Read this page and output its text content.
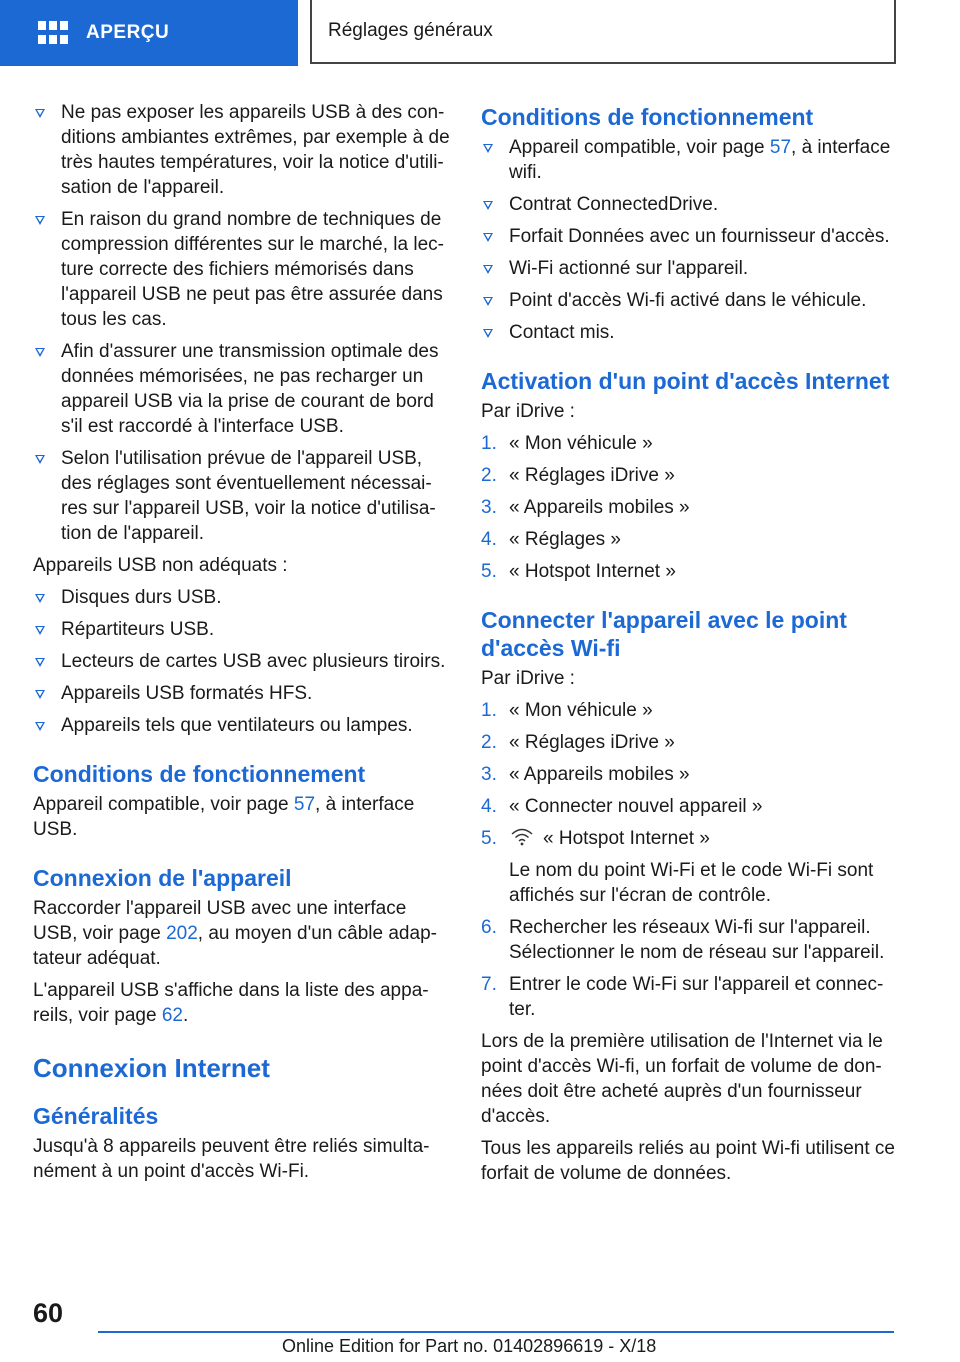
APERÇU	Réglages généraux
Ne pas exposer les appareils USB à des con‐ditions ambiantes extrêmes, par exemple à de très hautes températures, voir la notice d'utili‐sation de l'appareil.
En raison du grand nombre de techniques de compression différentes sur le marché, la lec‐ture correcte des fichiers mémorisés dans l'appareil USB ne peut pas être assurée dans tous les cas.
Afin d'assurer une transmission optimale des données mémorisées, ne pas recharger un appareil USB via la prise de courant de bord s'il est raccordé à l'interface USB.
Selon l'utilisation prévue de l'appareil USB, des réglages sont éventuellement nécessai‐res sur l'appareil USB, voir la notice d'utilisa‐tion de l'appareil.
Appareils USB non adéquats :
Disques durs USB.
Répartiteurs USB.
Lecteurs de cartes USB avec plusieurs tiroirs.
Appareils USB formatés HFS.
Appareils tels que ventilateurs ou lampes.
Conditions de fonctionnement
Appareil compatible, voir page 57, à interface USB.
Connexion de l'appareil
Raccorder l'appareil USB avec une interface USB, voir page 202, au moyen d'un câble adap‐tateur adéquat.
L'appareil USB s'affiche dans la liste des appa‐reils, voir page 62.
Connexion Internet
Généralités
Jusqu'à 8 appareils peuvent être reliés simulta‐nément à un point d'accès Wi-Fi.
Conditions de fonctionnement
Appareil compatible, voir page 57, à interface wifi.
Contrat ConnectedDrive.
Forfait Données avec un fournisseur d'accès.
Wi-Fi actionné sur l'appareil.
Point d'accès Wi-fi activé dans le véhicule.
Contact mis.
Activation d'un point d'accès Internet
Par iDrive :
1. « Mon véhicule »
2. « Réglages iDrive »
3. « Appareils mobiles »
4. « Réglages »
5. « Hotspot Internet »
Connecter l'appareil avec le point d'accès Wi-fi
Par iDrive :
1. « Mon véhicule »
2. « Réglages iDrive »
3. « Appareils mobiles »
4. « Connecter nouvel appareil »
5. « Hotspot Internet »
Le nom du point Wi-Fi et le code Wi-Fi sont affichés sur l'écran de contrôle.
6. Rechercher les réseaux Wi-fi sur l'appareil. Sélectionner le nom de réseau sur l'appareil.
7. Entrer le code Wi-Fi sur l'appareil et connec‐ter.
Lors de la première utilisation de l'Internet via le point d'accès Wi-fi, un forfait de volume de don‐nées doit être acheté auprès d'un fournisseur d'accès.
Tous les appareils reliés au point Wi-fi utilisent ce forfait de volume de données.
60
Online Edition for Part no. 01402896619 - X/18
